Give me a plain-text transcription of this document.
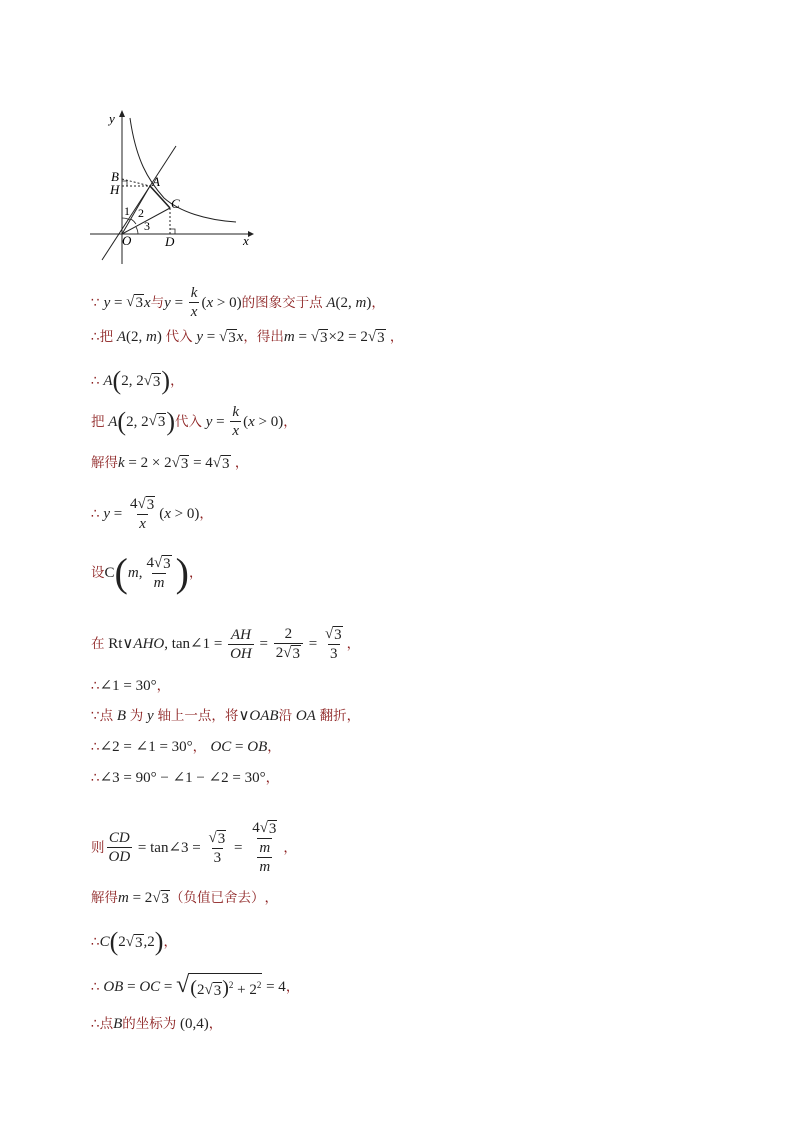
y
x
B
H
A
C
O	D
1 2
3
∵ y = √ 3 x 与 $y = \frac{k}{x}$ ( x > 0) 的图象交于点 A (2, m ) ，
∴ 把 A (2, m ) 代入 y = √ 3 x ，得出 m = √ 3 ×2 = 2 √ 3 ，
∴ A ( 2, 2 √ 3 ) ，
把 A ( 2, 2 √ 3 ) 代入 $y = \frac{k}{x}$ ( x > 0) ，
解得 k = 2 × 2 √ 3 = 4 √ 3 ，
∴ $y = \frac{4 √ 3}{x}$ ( x > 0) ，
设 C ( m , $\frac{4 √ 3}{m}$ ) ，
在 Rt∨ AHO , tan∠1 = $\frac{AH}{OH} = \frac{2}{2 √ 3} = \frac{√ 3}{3}$ ，
∴ ∠1 = 30° ，
∵ 点 B 为 y 轴上一点，将 ∨ OAB 沿 OA 翻折 ，
∴ ∠2 = ∠1 = 30° ， OC = OB ，
∴ ∠3 = 90° − ∠1 − ∠2 = 30° ，
则 $\frac{CD}{OD}$ = tan∠3 = $\frac{√ 3}{3} = \frac{\frac{4 √ 3}{m}}{m}$ ，
解得 m = 2 √ 3 （负值已舍去） ，
∴ C ( 2 √ 3 ,2 ) ，
∴ OB = OC = √ (2 √ 3 )$^2 + 2^2 = 4$ ，
∴ 点 B 的坐标为 (0,4) ，
